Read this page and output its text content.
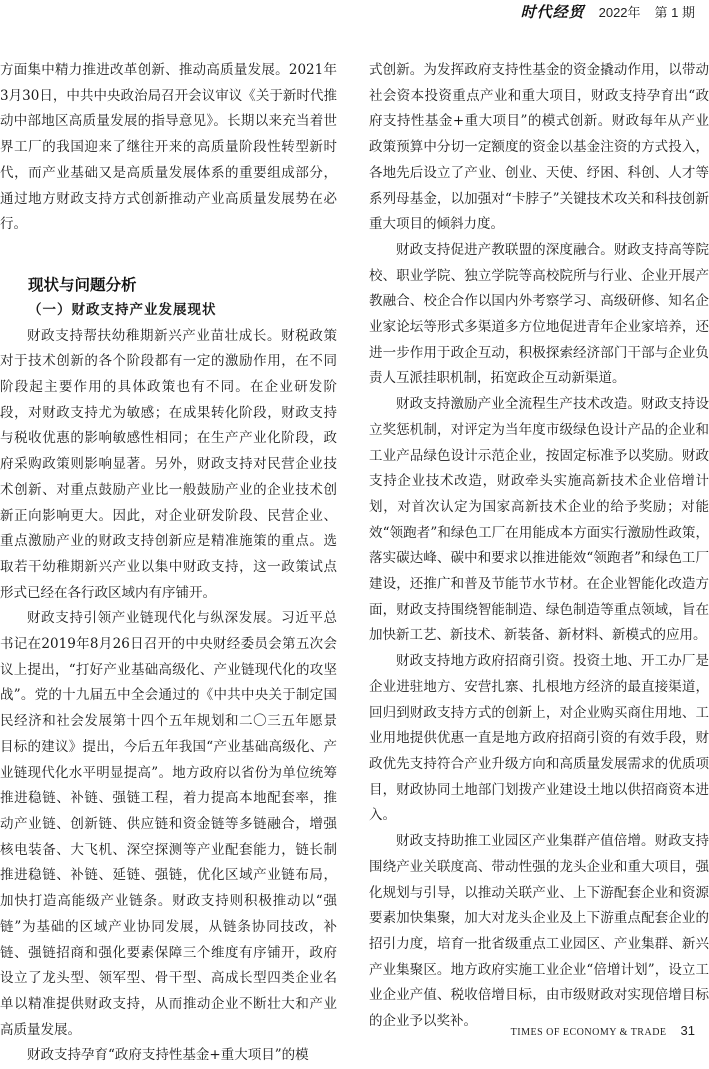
时代经贸 2022年 第 1 期

方面集中精力推进改革创新、推动高质量发展。2021年3月30日，中共中央政治局召开会议审议《关于新时代推动中部地区高质量发展的指导意见》。长期以来充当着世界工厂的我国迎来了继往开来的高质量阶段性转型新时代，而产业基础又是高质量发展体系的重要组成部分，通过地方财政支持方式创新推动产业高质量发展势在必行。

现状与问题分析
（一）财政支持产业发展现状

财政支持帮扶幼稚期新兴产业苗壮成长。财税政策对于技术创新的各个阶段都有一定的激励作用，在不同阶段起主要作用的具体政策也有不同。在企业研发阶段，对财政支持尤为敏感；在成果转化阶段，财政支持与税收优惠的影响敏感性相同；在生产产业化阶段，政府采购政策则影响显著。另外，财政支持对民营企业技术创新、对重点鼓励产业比一般鼓励产业的企业技术创新正向影响更大。因此，对企业研发阶段、民营企业、重点激励产业的财政支持创新应是精准施策的重点。选取若干幼稚期新兴产业以集中财政支持，这一政策试点形式已经在各行政区域内有序铺开。

财政支持引领产业链现代化与纵深发展。习近平总书记在2019年8月26日召开的中央财经委员会第五次会议上提出，“打好产业基础高级化、产业链现代化的攻坚战”。党的十九届五中全会通过的《中共中央关于制定国民经济和社会发展第十四个五年规划和二〇三五年愿景目标的建议》提出，今后五年我国“产业基础高级化、产业链现代化水平明显提高”。地方政府以省份为单位统筹推进稳链、补链、强链工程，着力提高本地配套率，推动产业链、创新链、供应链和资金链等多链融合，增强核电装备、大飞机、深空探测等产业配套能力，链长制推进稳链、补链、延链、强链，优化区域产业链布局，加快打造高能级产业链条。财政支持则积极推动以“强链”为基础的区域产业协同发展，从链条协同技改，补链、强链招商和强化要素保障三个维度有序铺开，政府设立了龙头型、领军型、骨干型、高成长型四类企业名单以精准提供财政支持，从而推动企业不断壮大和产业高质量发展。

财政支持孕育“政府支持性基金+重大项目”的模

式创新。为发挥政府支持性基金的资金撬动作用，以带动社会资本投资重点产业和重大项目，财政支持孕育出“政府支持性基金+重大项目”的模式创新。财政每年从产业政策预算中分切一定额度的资金以基金注资的方式投入，各地先后设立了产业、创业、天使、纾困、科创、人才等系列母基金，以加强对“卡脖子”关键技术攻关和科技创新重大项目的倾斜力度。

财政支持促进产教联盟的深度融合。财政支持高等院校、职业学院、独立学院等高校院所与行业、企业开展产教融合、校企合作以国内外考察学习、高级研修、知名企业家论坛等形式多渠道多方位地促进青年企业家培养，还进一步作用于政企互动，积极探索经济部门干部与企业负责人互派挂职机制，拓宽政企互动新渠道。

财政支持激励产业全流程生产技术改造。财政支持设立奖惩机制，对评定为当年度市级绿色设计产品的企业和工业产品绿色设计示范企业，按固定标准予以奖励。财政支持企业技术改造，财政牵头实施高新技术企业倍增计划，对首次认定为国家高新技术企业的给予奖励；对能效“领跑者”和绿色工厂在用能成本方面实行激励性政策，落实碳达峰、碳中和要求以推进能效“领跑者”和绿色工厂建设，还推广和普及节能节水节材。在企业智能化改造方面，财政支持围绕智能制造、绿色制造等重点领域，旨在加快新工艺、新技术、新装备、新材料、新模式的应用。

财政支持地方政府招商引资。投资土地、开工办厂是企业进驻地方、安营扎寨、扎根地方经济的最直接渠道，回归到财政支持方式的创新上，对企业购买商住用地、工业用地提供优惠一直是地方政府招商引资的有效手段，财政优先支持符合产业升级方向和高质量发展需求的优质项目，财政协同土地部门划拨产业建设土地以供招商资本进入。

财政支持助推工业园区产业集群产值倍增。财政支持围绕产业关联度高、带动性强的龙头企业和重大项目，强化规划与引导，以推动关联产业、上下游配套企业和资源要素加快集聚，加大对龙头企业及上下游重点配套企业的招引力度，培育一批省级重点工业园区、产业集群、新兴产业集聚区。地方政府实施工业企业“倍增计划”，设立工业企业产值、税收倍增目标，由市级财政对实现倍增目标的企业予以奖补。

TIMES OF ECONOMY & TRADE 31
